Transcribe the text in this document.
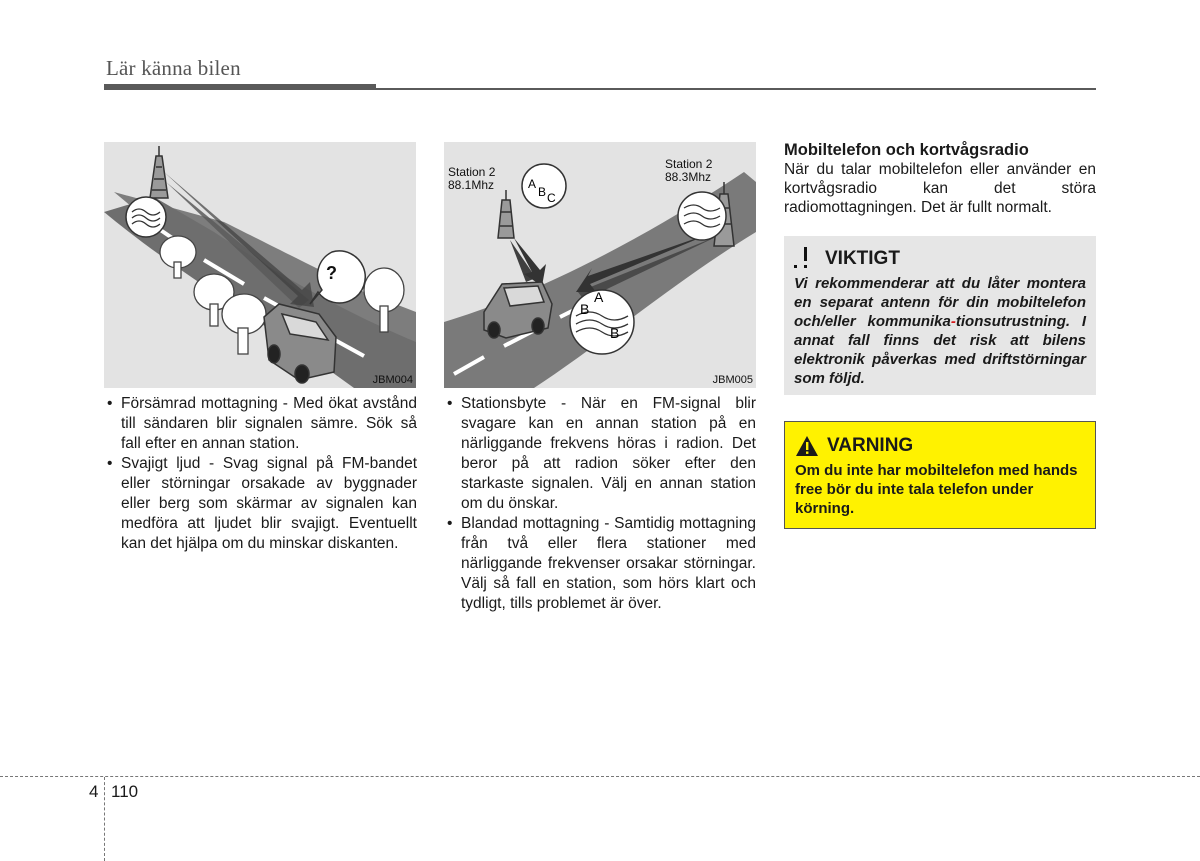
Lär känna bilen
?
JBM004
A
B C
A
B
B
Station 2
88.1Mhz
Station 2
88.3Mhz
JBM005
• Försämrad mottagning - Med ökat avstånd till sändaren blir signalen sämre. Sök så fall efter en annan station.
• Svajigt ljud - Svag signal på FM-bandet eller störningar orsakade av byggnader eller berg som skärmar av signalen kan medföra att ljudet blir svajigt. Eventuellt kan det hjälpa om du minskar diskanten.
• Stationsbyte - När en FM-signal blir svagare kan en annan station på en närliggande frekvens höras i radion. Det beror på att radion söker efter den starkaste signalen. Välj en annan station om du önskar.
• Blandad mottagning - Samtidig mottagning från två eller flera stationer med närliggande frekvenser orsakar störningar. Välj så fall en station, som hörs klart och tydligt, tills problemet är över.

Mobiltelefon och kortvågsradio

När du talar mobiltelefon eller använder en kortvågsradio kan det störa radiomottagningen. Det är fullt normalt.

VIKTIGT
Vi rekommenderar att du låter montera en separat antenn för din mobiltelefon och/eller kommunika-tionsutrustning. I annat fall finns det risk att bilens elektronik påverkas med driftstörningar som följd.
VARNING
Om du inte har mobiltelefon med hands free bör du inte tala telefon under körning.
4 110
